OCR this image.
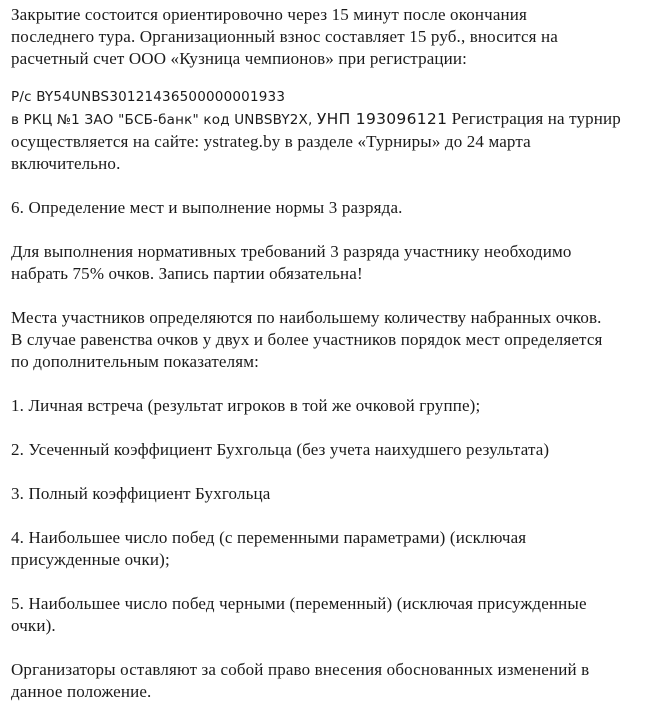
Закрытие состоится ориентировочно через 15 минут после окончания
последнего тура. Организационный взнос составляет 15 руб., вносится на
расчетный счет ООО «Кузница чемпионов» при регистрации:

Р/с BY54UNBS30121436500000001933
в РКЦ №1 ЗАО "БСБ-банк" код UNBSBY2X, УНП 193096121 Регистрация на турнир
осуществляется на сайте: ystrateg.by в разделе «Турниры» до 24 марта
включительно.

6. Определение мест и выполнение нормы 3 разряда.

Для выполнения нормативных требований 3 разряда участнику необходимо
набрать 75% очков. Запись партии обязательна!

Места участников определяются по наибольшему количеству набранных очков.
В случае равенства очков у двух и более участников порядок мест определяется
по дополнительным показателям:

1. Личная встреча (результат игроков в той же очковой группе);

2. Усеченный коэффициент Бухгольца (без учета наихудшего результата)

3. Полный коэффициент Бухгольца

4. Наибольшее число побед (с переменными параметрами) (исключая
присужденные очки);

5. Наибольшее число побед черными (переменный) (исключая присужденные
очки).

Организаторы оставляют за собой право внесения обоснованных изменений в
данное положение.
